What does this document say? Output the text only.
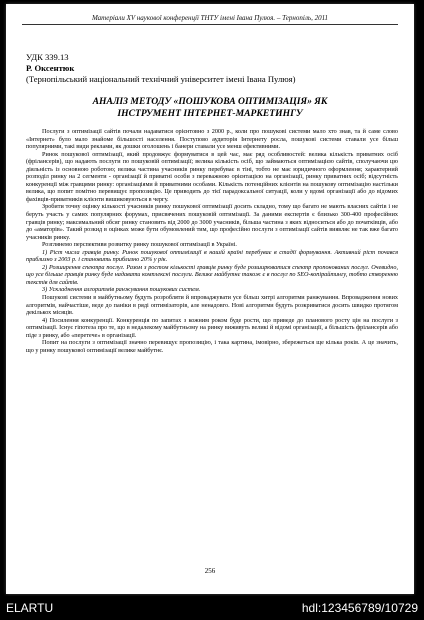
Матеріали XV наукової конференції ТНТУ імені Івана Пулюя. – Тернопіль, 2011
УДК 339.13
Р. Оксентюк
(Тернопільський національний технічний університет імені Івана Пулюя)
АНАЛІЗ МЕТОДУ «ПОШУКОВА ОПТИМІЗАЦІЯ» ЯК
ІНСТРУМЕНТ ІНТЕРНЕТ-МАРКЕТИНГУ

Послуги з оптимізації сайтів почали надаватися орієнтовно з 2000 р., коли про пошукові системи мало хто знав, та й саме слово «Інтернет» було мало знайоме більшості населення. Поступово аудиторія Інтернету росла, пошукові системи ставали усе більш популярними, такі види реклами, як дошки оголошень і банери ставали усе менш ефективними.

Ринок пошукової оптимізації, який продовжує формуватися в цей час, має ряд особливостей: велика кількість приватних осіб (фрілансерів), що надають послуги по пошуковій оптимізації; велика кількість осіб, що займаються оптимізацією сайтів, сполучаючи цю діяльність із основною роботою; велика частина учасників ринку перебуває в тіні, тобто не має юридичного оформлення; характерний розподіл ринку на 2 сегменти - організації й приватні особи з переважною орієнтацією на організації, ринку приватних осіб; відсутність конкуренції між гравцями ринку: організаціями й приватними особами. Кількість потенційних клієнтів на пошукову оптимізацію настільки велика, що попит помітно перевищує пропозицію. Це приводить до тієї парадоксальної ситуації, коли у вдомі організації або до відомих фахівців-приватників клієнти вишиковуються в чергу.

Зробити точну оцінку кількості учасників ринку пошукової оптимізації досить складно, тому що багато не мають власних сайтів і не беруть участь у самих популярних форумах, присвячених пошуковій оптимізації. За даними експертів є близько 300-400 професійних гравців ринку; максимальний обсяг ринку становить від 2000 до 3000 учасників, більша частина з яких відноситься або до початківців, або до «аматорів». Такий розкид в оцінках може бути обумовлений тим, що професійно послуги з оптимізації сайтів виявляє не так вже багато учасників ринку.

Розглянемо перспективи розвитку ринку пошукової оптимізації в Україні.

1) Ріст числа гравців ринку. Ринок пошукової оптимізації в нашій країні перебуває в стадії формування. Активний ріст почався приблизно з 2003 р. і становить приблизно 20% у рік.

2) Розширення спектра послуг. Разом з ростом кількості гравців ринку буде розширюватися спектр пропонованих послуг. Очевидно, що усе більше гравців ринку буде надавати комплексні послуги. Велике майбутнє також є в послуг по SEO-копірайтингу, тобто створенню текстів для сайтів.

3) Ускладнення алгоритмів ранжування пошукових систем.

Пошукові системи в майбутньому будуть розробляти й впроваджувати усе більш хитрі алгоритми ранжування. Впровадження нових алгоритмів, найчастіше, веде до паніки в ряді оптимізаторів, але ненадовго. Нові алгоритми будуть розкриватися досить швидко протягом декількох місяців.

4) Посилення конкуренції. Конкуренція по запитах з кожним роком буде рости, що приведе до планового росту цін на послуги з оптимізації. Існує гіпотеза про те, що в недалекому майбутньому на ринку виживуть великі й відомі організації, а більшість фрілансерів або піде з ринку, або «перетече» в організації.

Попит на послуги з оптимізації значно перевищує пропозицію, і така картина, імовірно, збережеться ще кілька років. А це значить, що у ринку пошукової оптимізації велике майбутнє.

256
ELARTU	hdl:123456789/10729
